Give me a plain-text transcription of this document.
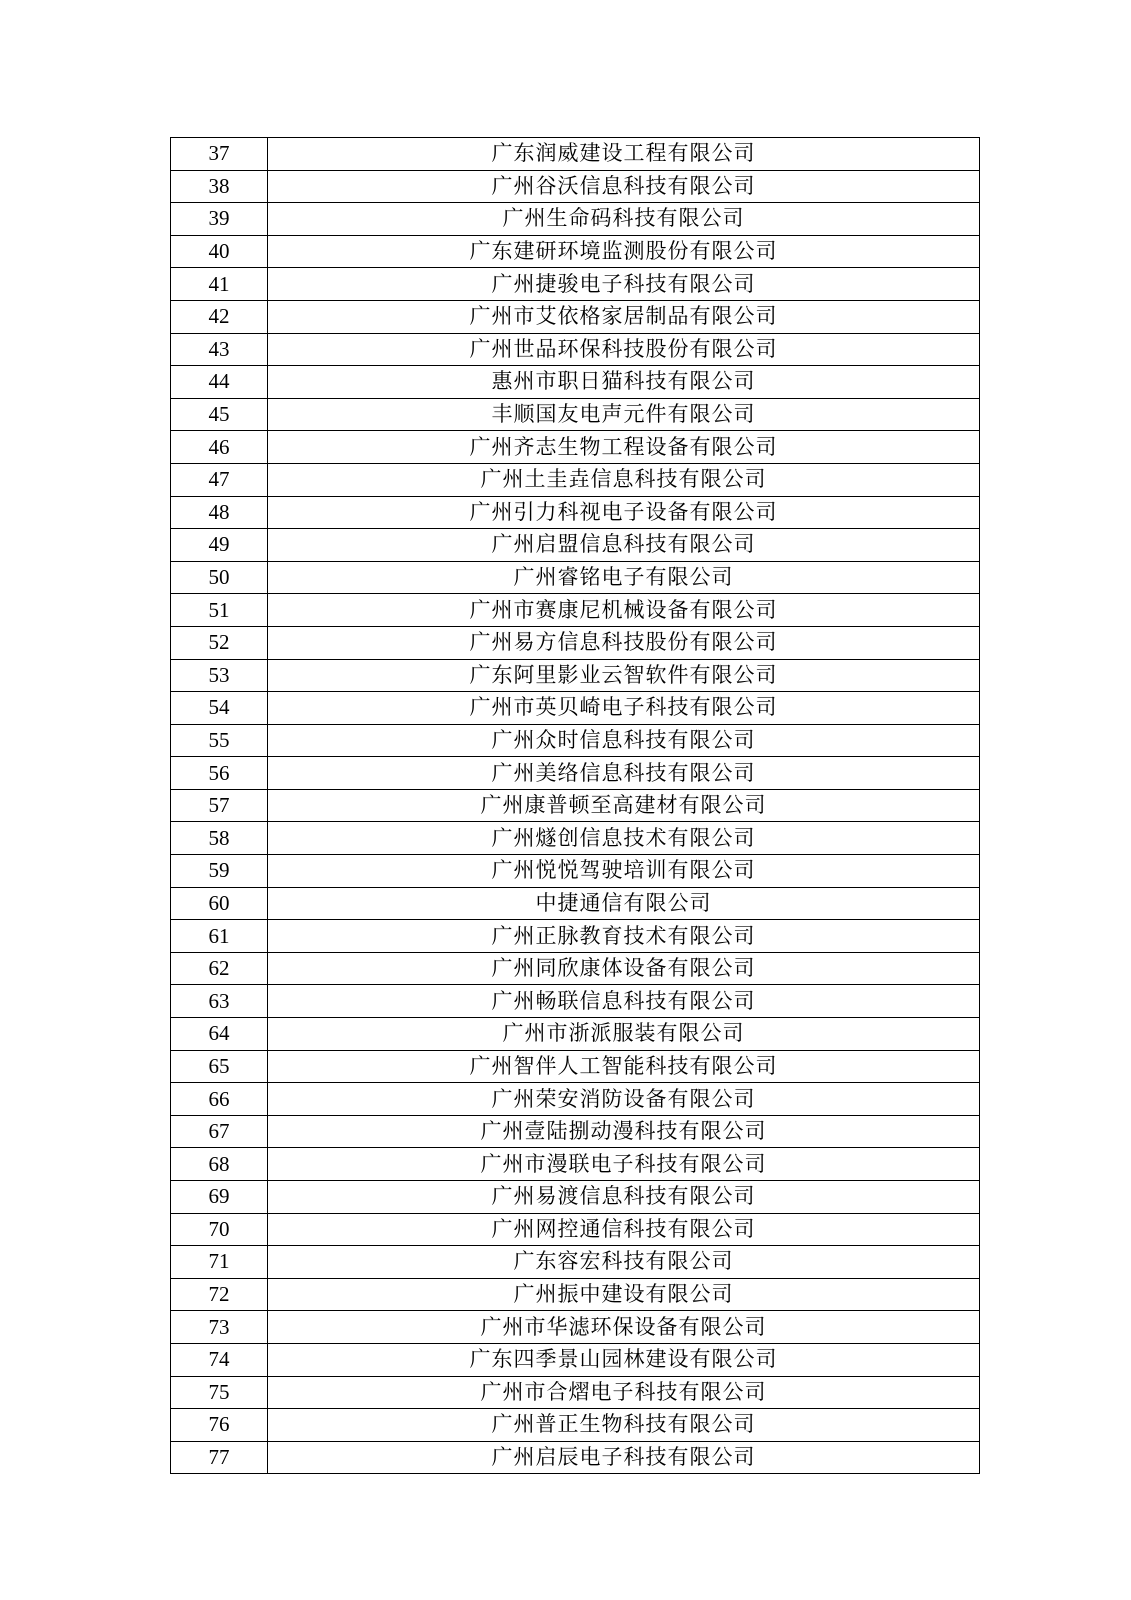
37	广东润威建设工程有限公司
38	广州谷沃信息科技有限公司
39	广州生命码科技有限公司
40	广东建研环境监测股份有限公司
41	广州捷骏电子科技有限公司
42	广州市艾依格家居制品有限公司
43	广州世品环保科技股份有限公司
44	惠州市职日猫科技有限公司
45	丰顺国友电声元件有限公司
46	广州齐志生物工程设备有限公司
47	广州土圭垚信息科技有限公司
48	广州引力科视电子设备有限公司
49	广州启盟信息科技有限公司
50	广州睿铭电子有限公司
51	广州市赛康尼机械设备有限公司
52	广州易方信息科技股份有限公司
53	广东阿里影业云智软件有限公司
54	广州市英贝崎电子科技有限公司
55	广州众时信息科技有限公司
56	广州美络信息科技有限公司
57	广州康普顿至高建材有限公司
58	广州燧创信息技术有限公司
59	广州悦悦驾驶培训有限公司
60	中捷通信有限公司
61	广州正脉教育技术有限公司
62	广州同欣康体设备有限公司
63	广州畅联信息科技有限公司
64	广州市浙派服装有限公司
65	广州智伴人工智能科技有限公司
66	广州荣安消防设备有限公司
67	广州壹陆捌动漫科技有限公司
68	广州市漫联电子科技有限公司
69	广州易渡信息科技有限公司
70	广州网控通信科技有限公司
71	广东容宏科技有限公司
72	广州振中建设有限公司
73	广州市华滤环保设备有限公司
74	广东四季景山园林建设有限公司
75	广州市合熠电子科技有限公司
76	广州普正生物科技有限公司
77	广州启辰电子科技有限公司
